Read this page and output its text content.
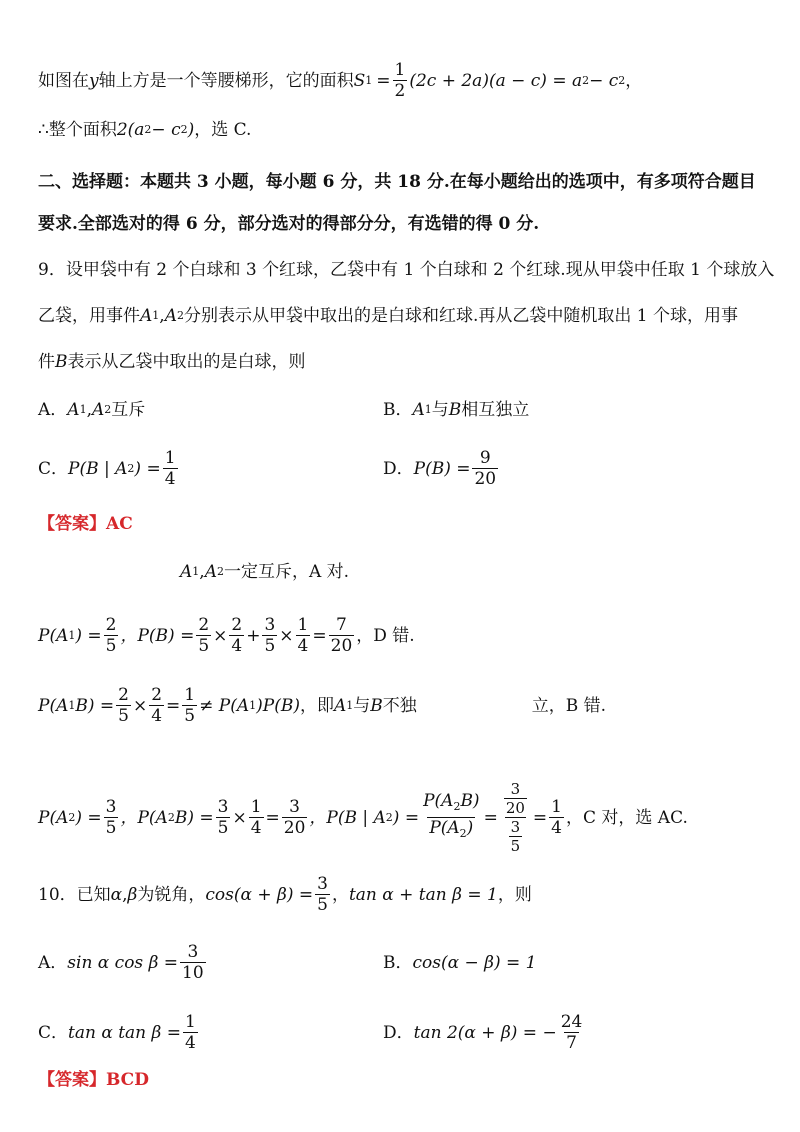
如图在 y 轴上方是一个等腰梯形，它的面积 S $1 = \frac{1}{2} (2c + 2a)(a - c) = a$ 2 − c 2 ，
∴ 整个面积 2(a 2 − c 2 ) ，选 C.
二、选择题：本题共 3 小题，每小题 6 分，共 18 分.在每小题给出的选项中，有多项符合题目
要求.全部选对的得 6 分，部分选对的得部分分，有选错的得 0 分.
9．设甲袋中有 2 个白球和 3 个红球，乙袋中有 1 个白球和 2 个红球.现从甲袋中任取 1 个球放入
乙袋，用事件 A 1 , A 2 分别表示从甲袋中取出的是白球和红球.再从乙袋中随机取出 1 个球，用事
件 B 表示从乙袋中取出的是白球，则
A． A 1 , A 2 互斥	B． A 1 与 B 相互独立
C． P(B | A 2 ) = $\frac{1}{4}$	D． $P(B) = \frac{9}{20}$
【答案】AC
A 1 , A 2 一定互斥，A 对.
P(A 1 ) = $\frac{2}{5}$ ，$P(B) = \frac{2}{5} \times \frac{2}{4} + \frac{3}{5} \times \frac{1}{4} = \frac{7}{20}$ ，D 错.
P(A 1 $B) = \frac{2}{5} \times \frac{2}{4} = \frac{1}{5} \ne P(A$ 1 )P(B) ，即 A 1 与 B 不独	立，B 错.
P(A 2 ) = $\frac{3}{5}$ ，P(A 2 $B) = \frac{3}{5} \times \frac{1}{4} = \frac{3}{20}$ ，P(B | A 2 ) = $\frac{P(A_2B)}{P(A_2)} = \frac{\frac{3}{20}}{\frac{3}{5}} = \frac{1}{4}$ ，C 对，选 AC.
10．已知 α , β 为锐角， $\cos(\alpha + \beta) = \frac{3}{5}$ ， tan α + tan β = 1 ，则
A． sin α $\cos \beta = \frac{3}{10}$	B． cos(α − β) = 1
C． tan α $\tan \beta = \frac{1}{4}$	D． tan 2(α + β) = − $\frac{24}{7}$
【答案】BCD
